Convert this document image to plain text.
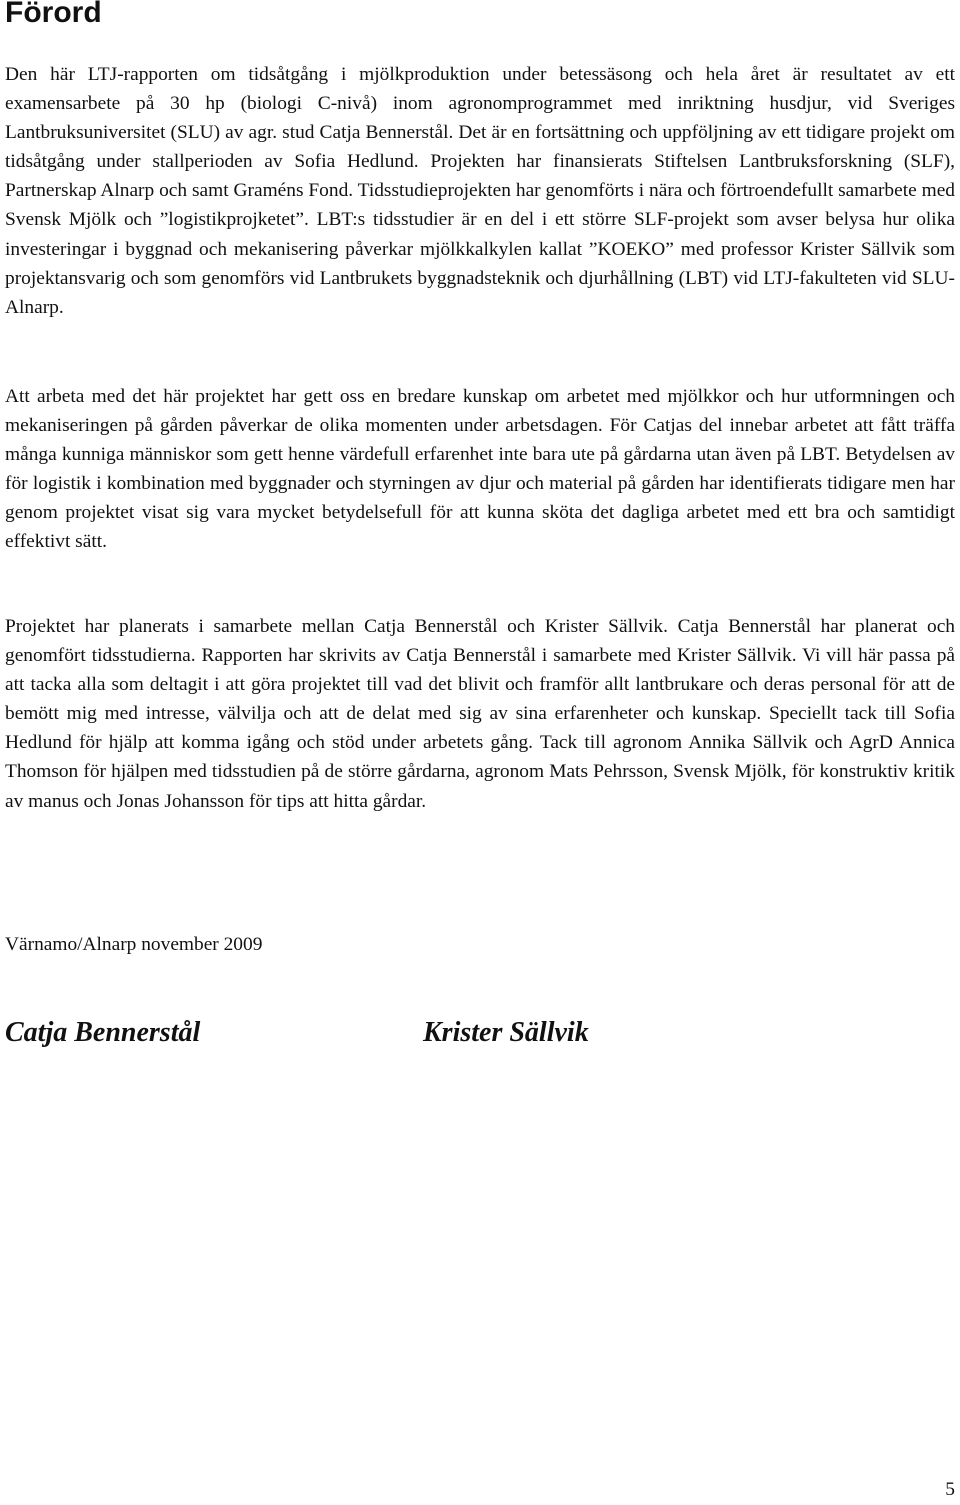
Förord

Den här LTJ-rapporten om tidsåtgång i mjölkproduktion under betessäsong och hela året är resultatet av ett examensarbete på 30 hp (biologi C-nivå) inom agronomprogrammet med inriktning husdjur, vid Sveriges Lantbruksuniversitet (SLU) av agr. stud Catja Bennerstål. Det är en fortsättning och uppföljning av ett tidigare projekt om tidsåtgång under stallperioden av Sofia Hedlund. Projekten har finansierats Stiftelsen Lantbruksforskning (SLF), Partnerskap Alnarp och samt Graméns Fond. Tidsstudieprojekten har genomförts i nära och förtroendefullt samarbete med Svensk Mjölk och ”logistikprojketet”. LBT:s tidsstudier är en del i ett större SLF-projekt som avser belysa hur olika investeringar i byggnad och mekanisering påverkar mjölkkalkylen kallat ”KOEKO” med professor Krister Sällvik som projektansvarig och som genomförs vid Lantbrukets byggnadsteknik och djurhållning (LBT) vid LTJ-fakulteten vid SLU-Alnarp.

Att arbeta med det här projektet har gett oss en bredare kunskap om arbetet med mjölkkor och hur utformningen och mekaniseringen på gården påverkar de olika momenten under arbetsdagen. För Catjas del innebar arbetet att fått träffa många kunniga människor som gett henne värdefull erfarenhet inte bara ute på gårdarna utan även på LBT. Betydelsen av för logistik i kombination med byggnader och styrningen av djur och material på gården har identifierats tidigare men har genom projektet visat sig vara mycket betydelsefull för att kunna sköta det dagliga arbetet med ett bra och samtidigt effektivt sätt.

Projektet har planerats i samarbete mellan Catja Bennerstål och Krister Sällvik. Catja Bennerstål har planerat och genomfört tidsstudierna. Rapporten har skrivits av Catja Bennerstål i samarbete med Krister Sällvik. Vi vill här passa på att tacka alla som deltagit i att göra projektet till vad det blivit och framför allt lantbrukare och deras personal för att de bemött mig med intresse, välvilja och att de delat med sig av sina erfarenheter och kunskap. Speciellt tack till Sofia Hedlund för hjälp att komma igång och stöd under arbetets gång. Tack till agronom Annika Sällvik och AgrD Annica Thomson för hjälpen med tidsstudien på de större gårdarna, agronom Mats Pehrsson, Svensk Mjölk, för konstruktiv kritik av manus och Jonas Johansson för tips att hitta gårdar.

Värnamo/Alnarp november 2009

Catja Bennerstål	Krister Sällvik

5
